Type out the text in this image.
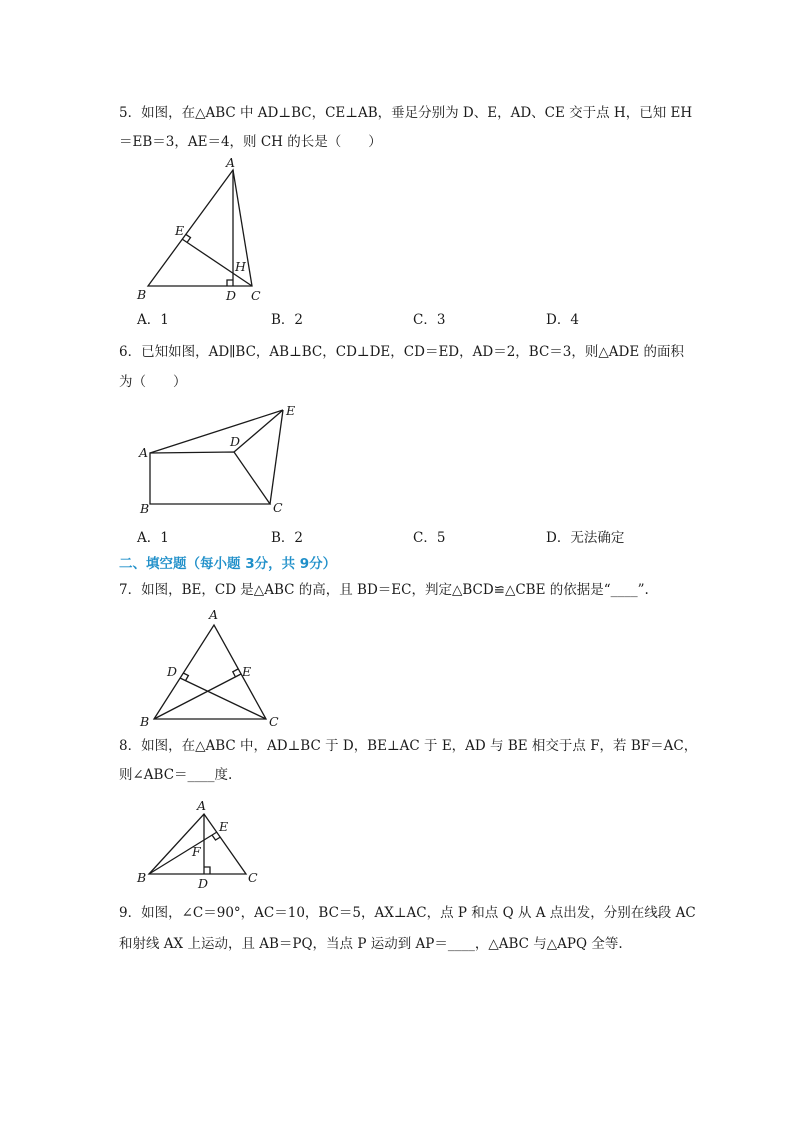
5．如图，在△ABC 中 AD⊥BC，CE⊥AB，垂足分别为 D、E，AD、CE 交于点 H，已知 EH
＝EB＝3，AE＝4，则 CH 的长是（　　）
A
B	C
D
E
H
A．1	B．2	C．3	D．4
6．已知如图，AD∥BC，AB⊥BC，CD⊥DE，CD＝ED，AD＝2，BC＝3，则△ADE 的面积
为（　　）
A
B	C
D
E
A．1	B．2	C．5	D．无法确定
二、填空题（每小题 3分，共 9分）
7．如图，BE，CD 是△ABC 的高，且 BD＝EC，判定△BCD≌△CBE 的依据是“____”.
A
B	C
D	E
8．如图，在△ABC 中，AD⊥BC 于 D，BE⊥AC 于 E，AD 与 BE 相交于点 F，若 BF＝AC，
则∠ABC＝____度.
A
B	C
D
E
F
9．如图，∠C＝90°，AC＝10，BC＝5，AX⊥AC，点 P 和点 Q 从 A 点出发，分别在线段 AC
和射线 AX 上运动，且 AB＝PQ，当点 P 运动到 AP＝____，△ABC 与△APQ 全等.
